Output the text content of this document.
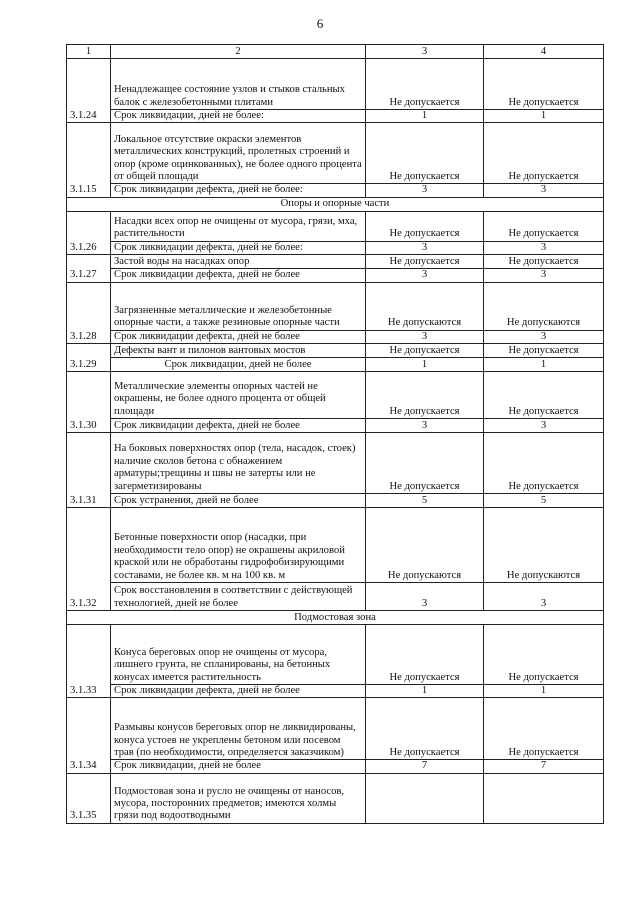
6
1	2	3	4
3.1.24	Ненадлежащее состояние узлов и стыков стальных балок с железобетонными плитами	Не допускается	Не допускается
	Срок ликвидации, дней не более:	1	1
3.1.15	Локальное отсутствие окраски элементов металлических конструкций, пролетных строений и опор (кроме оцинкованных), не более одного процента от общей площади	Не допускается	Не допускается
	Срок ликвидации дефекта, дней не более:	3	3
Опоры и опорные части			
3.1.26	Насадки всех опор не очищены от мусора, грязи, мха, растительности	Не допускается	Не допускается
	Срок ликвидации дефекта, дней не более:	3	3
3.1.27	Застой воды на насадках опор	Не допускается	Не допускается
	Срок ликвидации дефекта, дней не более	3	3
3.1.28	Загрязненные металлические и железобетонные опорные части, а также резиновые опорные части	Не допускаются	Не допускаются
	Срок ликвидации дефекта, дней не более	3	3
3.1.29	Дефекты вант и пилонов вантовых мостов	Не допускается	Не допускается
	Срок ликвидации, дней не более	1	1
3.1.30	Металлические элементы опорных частей не окрашены, не более одного процента от общей площади	Не допускается	Не допускается
	Срок ликвидации дефекта, дней не более	3	3
3.1.31	На боковых поверхностях опор (тела, насадок, стоек) наличие сколов бетона с обнажением арматуры;трещины и швы не затерты или не загерметизированы	Не допускается	Не допускается
	Срок устранения, дней не более	5	5
3.1.32	Бетонные поверхности опор (насадки, при необходимости тело опор) не окрашены акриловой краской или не обработаны гидрофобизирующими составами, не более кв. м на 100 кв. м	Не допускаются	Не допускаются
	Срок восстановления в соответствии с действующей технологией, дней не более	3	3
Подмостовая зона			
3.1.33	Конуса береговых опор не очищены от мусора, лишнего грунта, не спланированы, на бетонных конусах имеется растительность	Не допускается	Не допускается
	Срок ликвидации дефекта, дней не более	1	1
3.1.34	Размывы конусов береговых опор не ликвидированы, конуса устоев не укреплены бетоном или посевом трав (по необходимости, определяется заказчиком)	Не допускается	Не допускается
	Срок ликвидации, дней не более	7	7
3.1.35	Подмостовая зона и русло не очищены от наносов, мусора, посторонних предметов; имеются холмы грязи под водоотводными		
